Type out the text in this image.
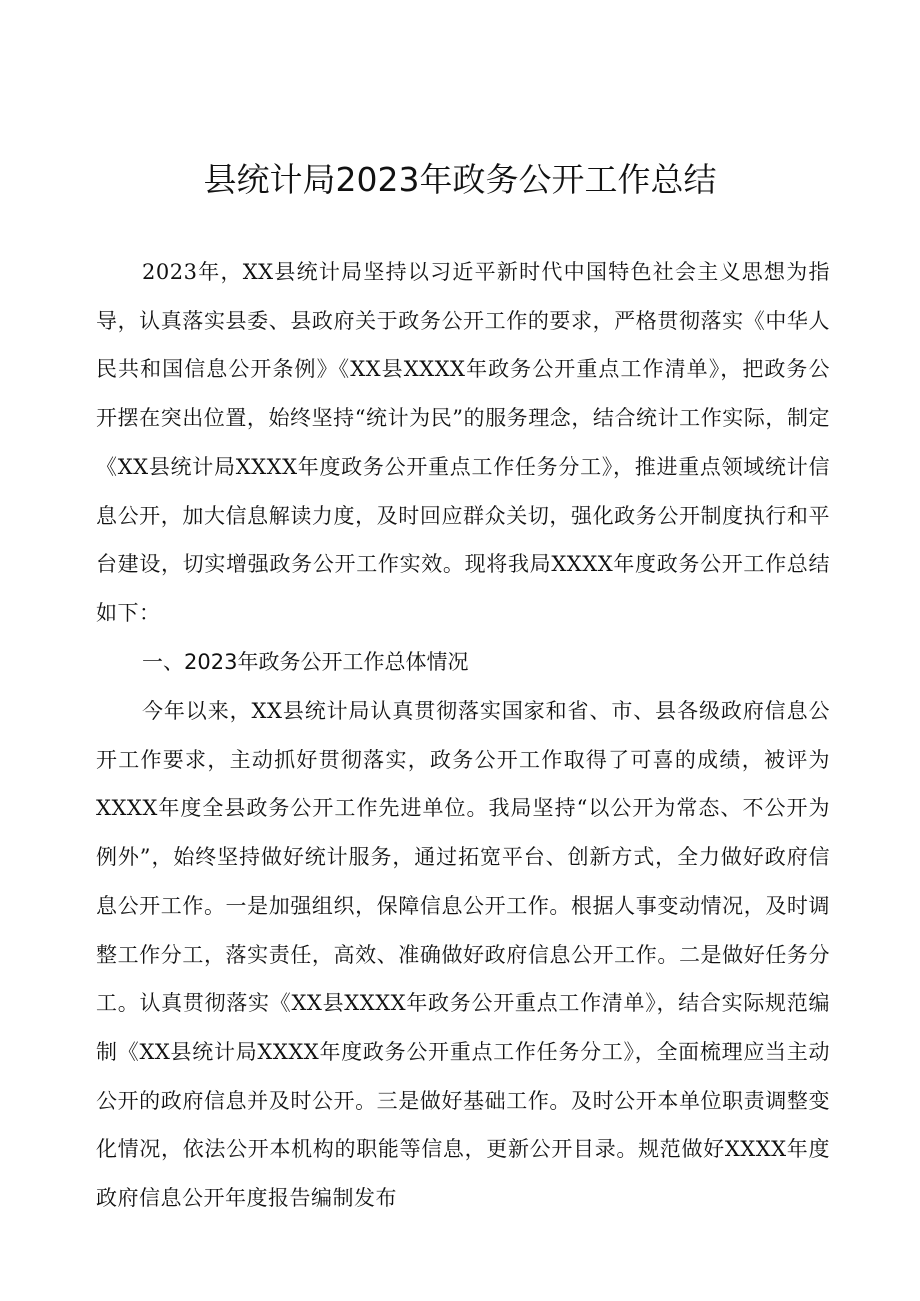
县统计局2023年政务公开工作总结

2023年，XX县统计局坚持以习近平新时代中国特色社会主义思想为指导，认真落实县委、县政府关于政务公开工作的要求，严格贯彻落实《中华人民共和国信息公开条例》《XX县XXXX年政务公开重点工作清单》，把政务公开摆在突出位置，始终坚持“统计为民”的服务理念，结合统计工作实际，制定《XX县统计局XXXX年度政务公开重点工作任务分工》，推进重点领域统计信息公开，加大信息解读力度，及时回应群众关切，强化政务公开制度执行和平台建设，切实增强政务公开工作实效。现将我局XXXX年度政务公开工作总结如下：

一、2023年政务公开工作总体情况

今年以来，XX县统计局认真贯彻落实国家和省、市、县各级政府信息公开工作要求，主动抓好贯彻落实，政务公开工作取得了可喜的成绩，被评为XXXX年度全县政务公开工作先进单位。我局坚持“以公开为常态、不公开为例外”，始终坚持做好统计服务，通过拓宽平台、创新方式，全力做好政府信息公开工作。一是加强组织，保障信息公开工作。根据人事变动情况，及时调整工作分工，落实责任，高效、准确做好政府信息公开工作。二是做好任务分工。认真贯彻落实《XX县XXXX年政务公开重点工作清单》，结合实际规范编制《XX县统计局XXXX年度政务公开重点工作任务分工》，全面梳理应当主动公开的政府信息并及时公开。三是做好基础工作。及时公开本单位职责调整变化情况，依法公开本机构的职能等信息，更新公开目录。规范做好XXXX年度政府信息公开年度报告编制发布
